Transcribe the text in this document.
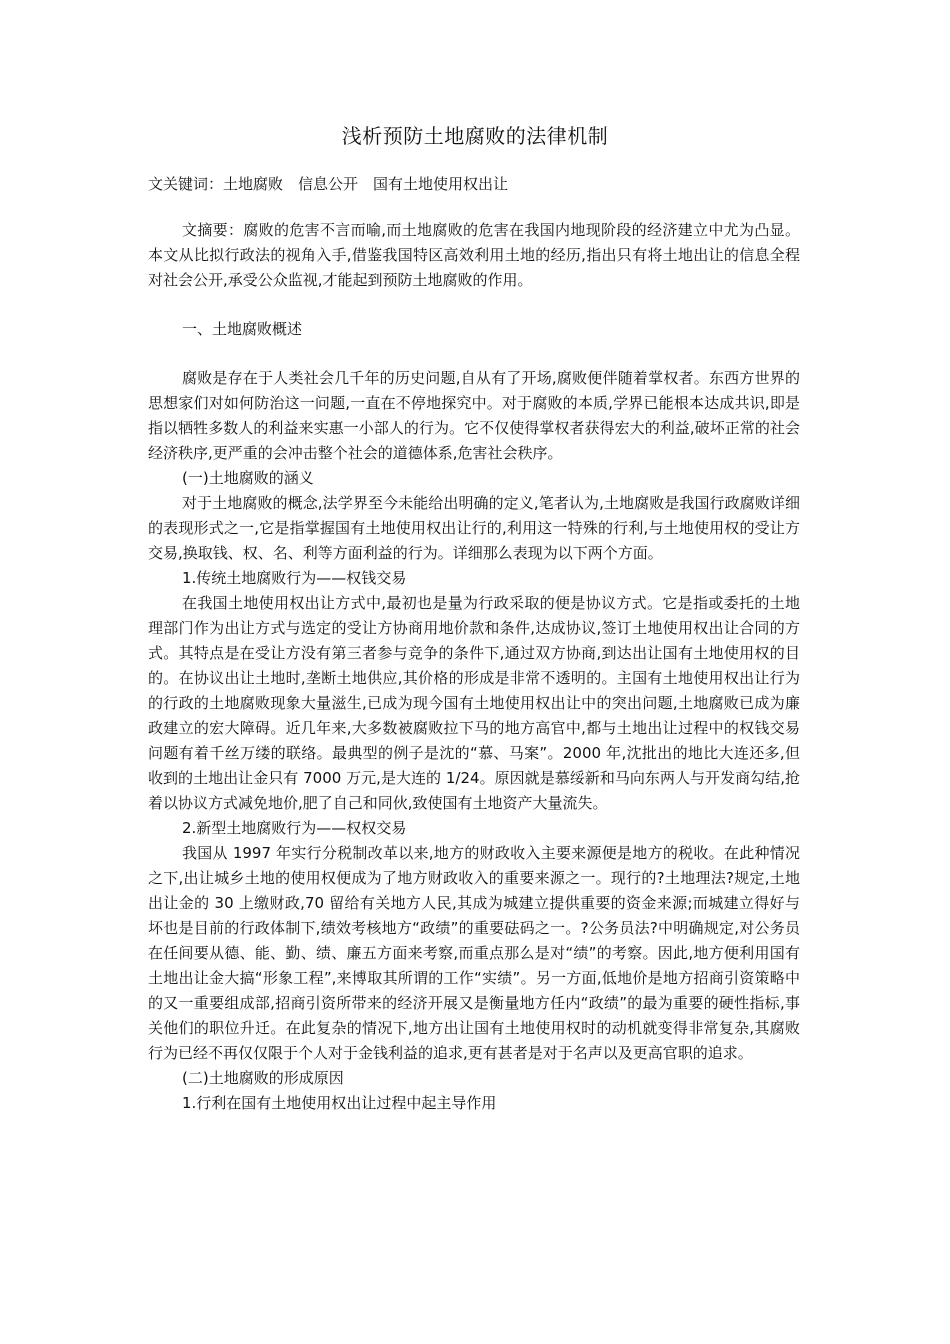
浅析预防土地腐败的法律机制

文关键词：土地腐败　信息公开　国有土地使用权出让

文摘要：腐败的危害不言而喻,而土地腐败的危害在我国内地现阶段的经济建立中尤为凸显。本文从比拟行政法的视角入手,借鉴我国特区高效利用土地的经历,指出只有将土地出让的信息全程对社会公开,承受公众监视,才能起到预防土地腐败的作用。

一、土地腐败概述

腐败是存在于人类社会几千年的历史问题,自从有了开场,腐败便伴随着掌权者。东西方世界的思想家们对如何防治这一问题,一直在不停地探究中。对于腐败的本质,学界已能根本达成共识,即是指以牺牲多数人的利益来实惠一小部人的行为。它不仅使得掌权者获得宏大的利益,破坏正常的社会经济秩序,更严重的会冲击整个社会的道德体系,危害社会秩序。

(一)土地腐败的涵义

对于土地腐败的概念,法学界至今未能给出明确的定义,笔者认为,土地腐败是我国行政腐败详细的表现形式之一,它是指掌握国有土地使用权出让行的,利用这一特殊的行利,与土地使用权的受让方交易,换取钱、权、名、利等方面利益的行为。详细那么表现为以下两个方面。

1.传统土地腐败行为——权钱交易

在我国土地使用权出让方式中,最初也是量为行政采取的便是协议方式。它是指或委托的土地理部门作为出让方式与选定的受让方协商用地价款和条件,达成协议,签订土地使用权出让合同的方式。其特点是在受让方没有第三者参与竞争的条件下,通过双方协商,到达出让国有土地使用权的目的。在协议出让土地时,垄断土地供应,其价格的形成是非常不透明的。主国有土地使用权出让行为的行政的土地腐败现象大量滋生,已成为现今国有土地使用权出让中的突出问题,土地腐败已成为廉政建立的宏大障碍。近几年来,大多数被腐败拉下马的地方高官中,都与土地出让过程中的权钱交易问题有着千丝万缕的联络。最典型的例子是沈的“慕、马案”。2000 年,沈批出的地比大连还多,但收到的土地出让金只有 7000 万元,是大连的 1/24。原因就是慕绥新和马向东两人与开发商勾结,抢着以协议方式减免地价,肥了自己和同伙,致使国有土地资产大量流失。

2.新型土地腐败行为——权权交易

我国从 1997 年实行分税制改革以来,地方的财政收入主要来源便是地方的税收。在此种情况之下,出让城乡土地的使用权便成为了地方财政收入的重要来源之一。现行的?土地理法?规定,土地出让金的 30 上缴财政,70 留给有关地方人民,其成为城建立提供重要的资金来源;而城建立得好与坏也是目前的行政体制下,绩效考核地方“政绩”的重要砝码之一。?公务员法?中明确规定,对公务员在任间要从德、能、勤、绩、廉五方面来考察,而重点那么是对“绩”的考察。因此,地方便利用国有土地出让金大搞“形象工程”,来博取其所谓的工作“实绩”。另一方面,低地价是地方招商引资策略中的又一重要组成部,招商引资所带来的经济开展又是衡量地方任内“政绩”的最为重要的硬性指标,事关他们的职位升迁。在此复杂的情况下,地方出让国有土地使用权时的动机就变得非常复杂,其腐败行为已经不再仅仅限于个人对于金钱利益的追求,更有甚者是对于名声以及更高官职的追求。

(二)土地腐败的形成原因

1.行利在国有土地使用权出让过程中起主导作用
